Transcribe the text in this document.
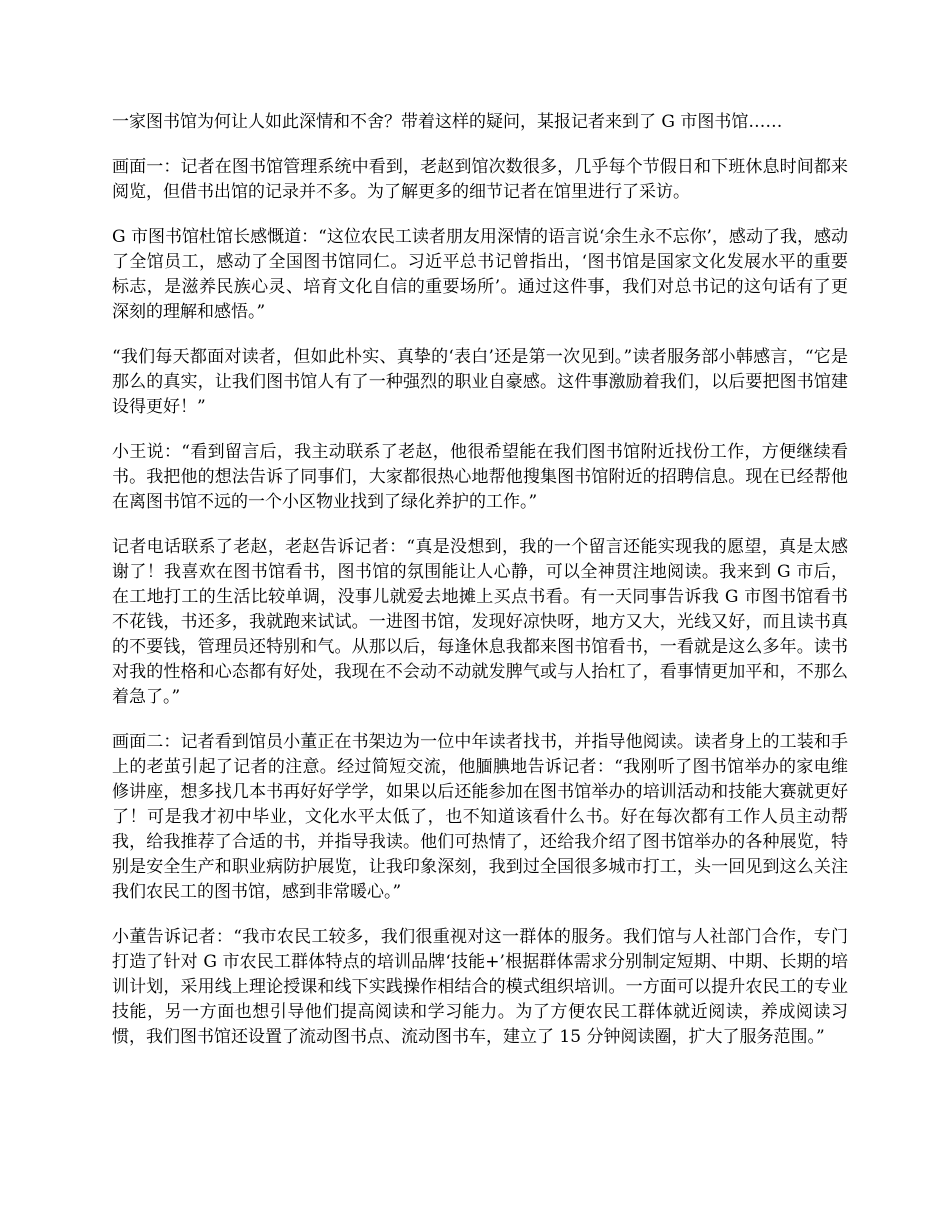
一家图书馆为何让人如此深情和不舍？带着这样的疑问，某报记者来到了 G 市图书馆……

画面一：记者在图书馆管理系统中看到，老赵到馆次数很多，几乎每个节假日和下班休息时间都来阅览，但借书出馆的记录并不多。为了解更多的细节记者在馆里进行了采访。

G 市图书馆杜馆长感慨道：“这位农民工读者朋友用深情的语言说‘余生永不忘你’，感动了我，感动了全馆员工，感动了全国图书馆同仁。习近平总书记曾指出，‘图书馆是国家文化发展水平的重要标志，是滋养民族心灵、培育文化自信的重要场所’。通过这件事，我们对总书记的这句话有了更深刻的理解和感悟。”

“我们每天都面对读者，但如此朴实、真挚的‘表白’还是第一次见到。”读者服务部小韩感言，“它是那么的真实，让我们图书馆人有了一种强烈的职业自豪感。这件事激励着我们，以后要把图书馆建设得更好！”

小王说：“看到留言后，我主动联系了老赵，他很希望能在我们图书馆附近找份工作，方便继续看书。我把他的想法告诉了同事们，大家都很热心地帮他搜集图书馆附近的招聘信息。现在已经帮他在离图书馆不远的一个小区物业找到了绿化养护的工作。”

记者电话联系了老赵，老赵告诉记者：“真是没想到，我的一个留言还能实现我的愿望，真是太感谢了！我喜欢在图书馆看书，图书馆的氛围能让人心静，可以全神贯注地阅读。我来到 G 市后，在工地打工的生活比较单调，没事儿就爱去地摊上买点书看。有一天同事告诉我 G 市图书馆看书不花钱，书还多，我就跑来试试。一进图书馆，发现好凉快呀，地方又大，光线又好，而且读书真的不要钱，管理员还特别和气。从那以后，每逢休息我都来图书馆看书，一看就是这么多年。读书对我的性格和心态都有好处，我现在不会动不动就发脾气或与人抬杠了，看事情更加平和，不那么着急了。”

画面二：记者看到馆员小董正在书架边为一位中年读者找书，并指导他阅读。读者身上的工装和手上的老茧引起了记者的注意。经过简短交流，他腼腆地告诉记者：“我刚听了图书馆举办的家电维修讲座，想多找几本书再好好学学，如果以后还能参加在图书馆举办的培训活动和技能大赛就更好了！可是我才初中毕业，文化水平太低了，也不知道该看什么书。好在每次都有工作人员主动帮我，给我推荐了合适的书，并指导我读。他们可热情了，还给我介绍了图书馆举办的各种展览，特别是安全生产和职业病防护展览，让我印象深刻，我到过全国很多城市打工，头一回见到这么关注我们农民工的图书馆，感到非常暖心。”

小董告诉记者：“我市农民工较多，我们很重视对这一群体的服务。我们馆与人社部门合作，专门打造了针对 G 市农民工群体特点的培训品牌‘技能+’根据群体需求分别制定短期、中期、长期的培训计划，采用线上理论授课和线下实践操作相结合的模式组织培训。一方面可以提升农民工的专业技能，另一方面也想引导他们提高阅读和学习能力。为了方便农民工群体就近阅读，养成阅读习惯，我们图书馆还设置了流动图书点、流动图书车，建立了 15 分钟阅读圈，扩大了服务范围。”
